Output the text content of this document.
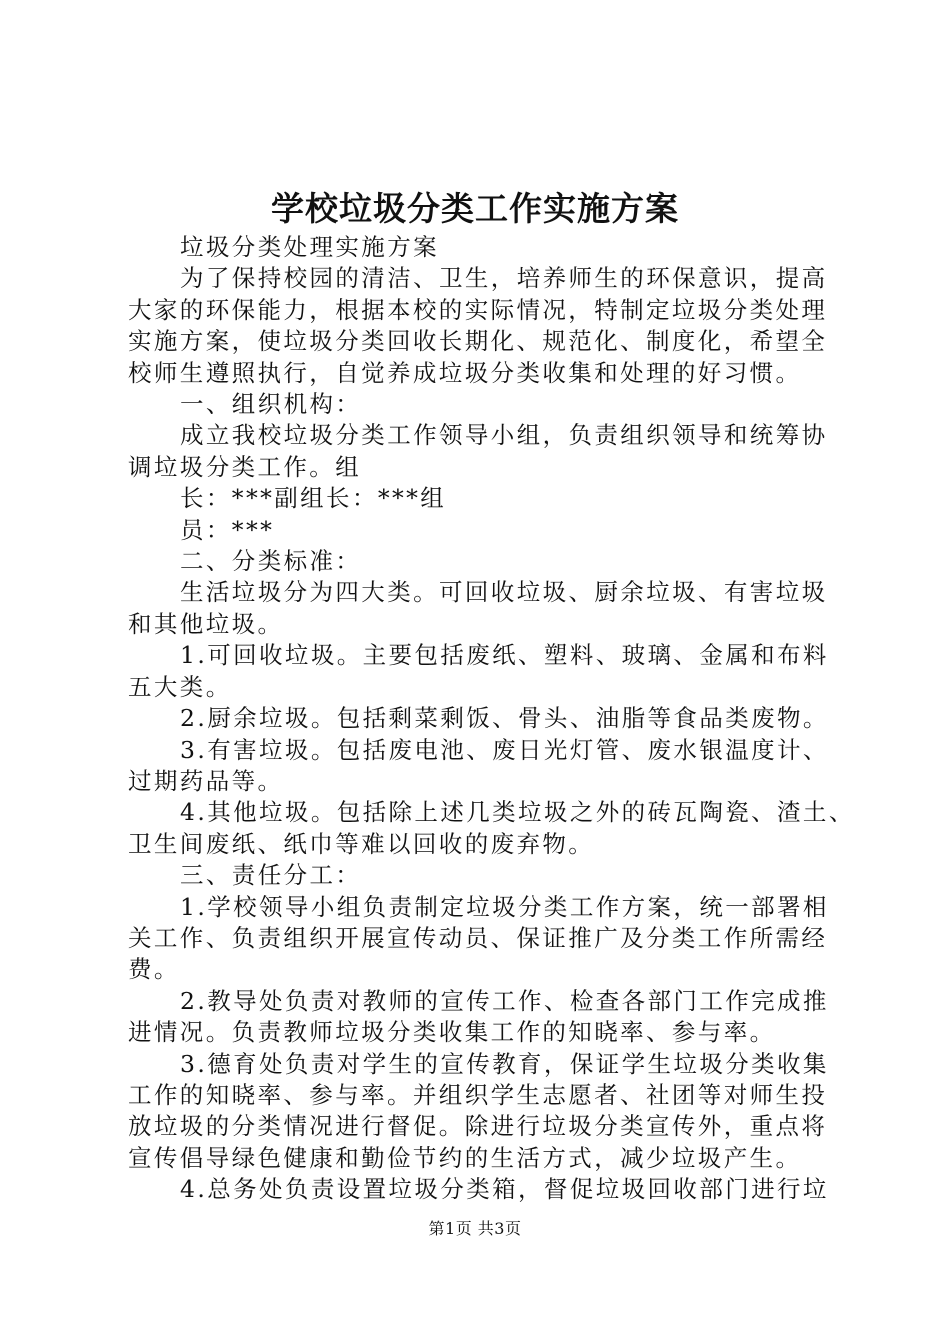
学校垃圾分类工作实施方案

垃圾分类处理实施方案

为了保持校园的清洁、卫生，培养师生的环保意识，提高

大家的环保能力，根据本校的实际情况，特制定垃圾分类处理

实施方案，使垃圾分类回收长期化、规范化、制度化，希望全

校师生遵照执行，自觉养成垃圾分类收集和处理的好习惯。

一、组织机构：

成立我校垃圾分类工作领导小组，负责组织领导和统筹协

调垃圾分类工作。组

长：***副组长：***组

员：***

二、分类标准：

生活垃圾分为四大类。可回收垃圾、厨余垃圾、有害垃圾

和其他垃圾。

1.可回收垃圾。主要包括废纸、塑料、玻璃、金属和布料

五大类。

2.厨余垃圾。包括剩菜剩饭、骨头、油脂等食品类废物。

3.有害垃圾。包括废电池、废日光灯管、废水银温度计、

过期药品等。

4.其他垃圾。包括除上述几类垃圾之外的砖瓦陶瓷、渣土、

卫生间废纸、纸巾等难以回收的废弃物。

三、责任分工：

1.学校领导小组负责制定垃圾分类工作方案，统一部署相

关工作、负责组织开展宣传动员、保证推广及分类工作所需经

费。

2.教导处负责对教师的宣传工作、检查各部门工作完成推

进情况。负责教师垃圾分类收集工作的知晓率、参与率。

3.德育处负责对学生的宣传教育，保证学生垃圾分类收集

工作的知晓率、参与率。并组织学生志愿者、社团等对师生投

放垃圾的分类情况进行督促。除进行垃圾分类宣传外，重点将

宣传倡导绿色健康和勤俭节约的生活方式，减少垃圾产生。

4.总务处负责设置垃圾分类箱，督促垃圾回收部门进行垃

第1页 共3页
